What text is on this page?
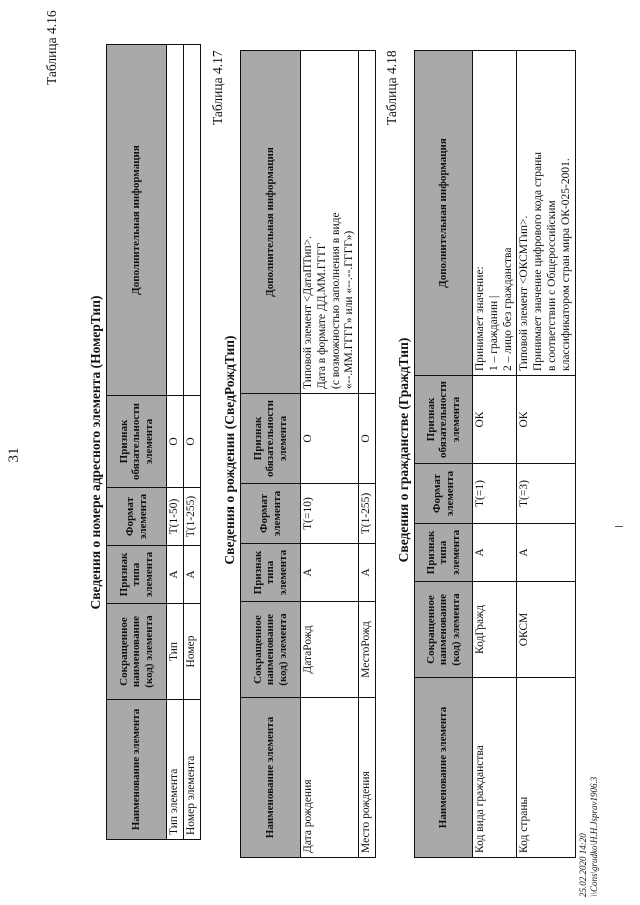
31
Таблица 4.16
Сведения о номере адресного элемента (НомерТип)
Наименование элемента	Сокращенное наименование (код) элемента	Признак типа элемента	Формат элемента	Признак обязательности элемента	Дополнительная информация
Тип элемента	Тип	А	Т(1-50)	О	
Номер элемента	Номер	А	Т(1-255)	О	
Таблица 4.17
Сведения о рождении (СведРождТип)
Наименование элемента	Сокращенное наименование (код) элемента	Признак типа элемента	Формат элемента	Признак обязательности элемента	Дополнительная информация
Дата рождения	ДатаРожд	А	Т(=10)	О	Типовой элемент <ДатаПТип>.
Дата в формате ДД.ММ.ГГГГ
(с возможностью заполнения в виде
«--.ММ.ГГГГ» или «--.--.ГГГГ»)
Место рождения	МестоРожд	А	Т(1-255)	О	
Таблица 4.18
Сведения о гражданстве (ГраждТип)
Наименование элемента	Сокращенное наименование (код) элемента	Признак типа элемента	Формат элемента	Признак обязательности элемента	Дополнительная информация
Код вида гражданства	КодГражд	А	Т(=1)	ОК	Принимает значение:
1 – гражданин |
2 – лицо без гражданства
Код страны	ОКСМ	А	Т(=3)	ОК	Типовой элемент <ОКСМТип>.
Принимает значение цифрового кода страны
в соответствии с Общероссийским
классификатором стран мира ОК-025-2001.
25.02.2020 14:20
\\Cons\grudko\Н.Н.Jsprav1906.3
